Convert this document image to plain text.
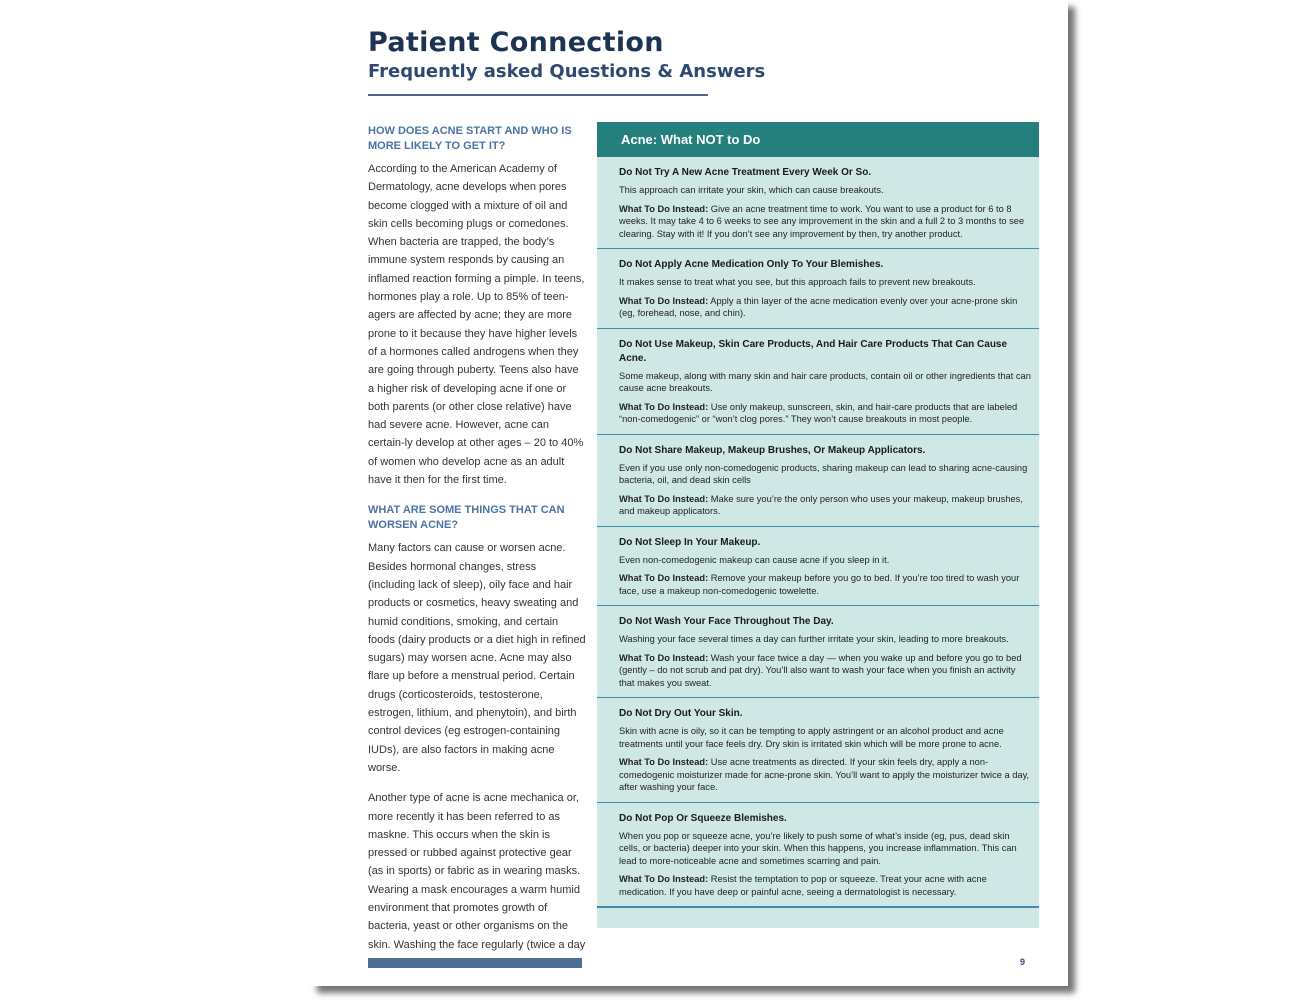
Patient Connection
Frequently asked Questions & Answers

HOW DOES ACNE START AND WHO IS MORE LIKELY TO GET IT?

According to the American Academy of Dermatology, acne develops when pores become clogged with a mixture of oil and skin cells becoming plugs or comedones. When bacteria are trapped, the body’s immune system responds by causing an inflamed reaction forming a pimple. In teens, hormones play a role. Up to 85% of teen-agers are affected by acne; they are more prone to it because they have higher levels of a hormones called androgens when they are going through puberty. Teens also have a higher risk of developing acne if one or both parents (or other close relative) have had severe acne. However, acne can certain-ly develop at other ages – 20 to 40% of women who develop acne as an adult have it then for the first time.

WHAT ARE SOME THINGS THAT CAN WORSEN ACNE?

Many factors can cause or worsen acne. Besides hormonal changes, stress (including lack of sleep), oily face and hair products or cosmetics, heavy sweating and humid conditions, smoking, and certain foods (dairy products or a diet high in refined sugars) may worsen acne. Acne may also flare up before a menstrual period. Certain drugs (corticosteroids, testosterone, estrogen, lithium, and phenytoin), and birth control devices (eg estrogen-containing IUDs), are also factors in making acne worse.

Another type of acne is acne mechanica or, more recently it has been referred to as maskne. This occurs when the skin is pressed or rubbed against protective gear (as in sports) or fabric as in wearing masks. Wearing a mask encourages a warm humid environment that promotes growth of bacteria, yeast or other organisms on the skin. Washing the face regularly (twice a day

Acne: What NOT to Do

Do Not Try A New Acne Treatment Every Week Or So.

This approach can irritate your skin, which can cause breakouts.

What To Do Instead: Give an acne treatment time to work. You want to use a product for 6 to 8 weeks. It may take 4 to 6 weeks to see any improvement in the skin and a full 2 to 3 months to see clearing. Stay with it! If you don’t see any improvement by then, try another product.

Do Not Apply Acne Medication Only To Your Blemishes.

It makes sense to treat what you see, but this approach fails to prevent new breakouts.

What To Do Instead: Apply a thin layer of the acne medication evenly over your acne-prone skin (eg, forehead, nose, and chin).

Do Not Use Makeup, Skin Care Products, And Hair Care Products That Can Cause Acne.

Some makeup, along with many skin and hair care products, contain oil or other ingredients that can cause acne breakouts.

What To Do Instead: Use only makeup, sunscreen, skin, and hair-care products that are labeled “non-comedogenic” or “won’t clog pores.” They won’t cause breakouts in most people.

Do Not Share Makeup, Makeup Brushes, Or Makeup Applicators.

Even if you use only non-comedogenic products, sharing makeup can lead to sharing acne-causing bacteria, oil, and dead skin cells

What To Do Instead: Make sure you’re the only person who uses your makeup, makeup brushes, and makeup applicators.

Do Not Sleep In Your Makeup.

Even non-comedogenic makeup can cause acne if you sleep in it.

What To Do Instead: Remove your makeup before you go to bed. If you’re too tired to wash your face, use a makeup non-comedogenic towelette.

Do Not Wash Your Face Throughout The Day.

Washing your face several times a day can further irritate your skin, leading to more breakouts.

What To Do Instead: Wash your face twice a day — when you wake up and before you go to bed (gently – do not scrub and pat dry). You’ll also want to wash your face when you finish an activity that makes you sweat.

Do Not Dry Out Your Skin.

Skin with acne is oily, so it can be tempting to apply astringent or an alcohol product and acne treatments until your face feels dry. Dry skin is irritated skin which will be more prone to acne.

What To Do Instead: Use acne treatments as directed. If your skin feels dry, apply a non-comedogenic moisturizer made for acne-prone skin. You’ll want to apply the moisturizer twice a day, after washing your face.

Do Not Pop Or Squeeze Blemishes.

When you pop or squeeze acne, you’re likely to push some of what’s inside (eg, pus, dead skin cells, or bacteria) deeper into your skin. When this happens, you increase inflammation. This can lead to more-noticeable acne and sometimes scarring and pain.

What To Do Instead: Resist the temptation to pop or squeeze. Treat your acne with acne medication. If you have deep or painful acne, seeing a dermatologist is necessary.

9
